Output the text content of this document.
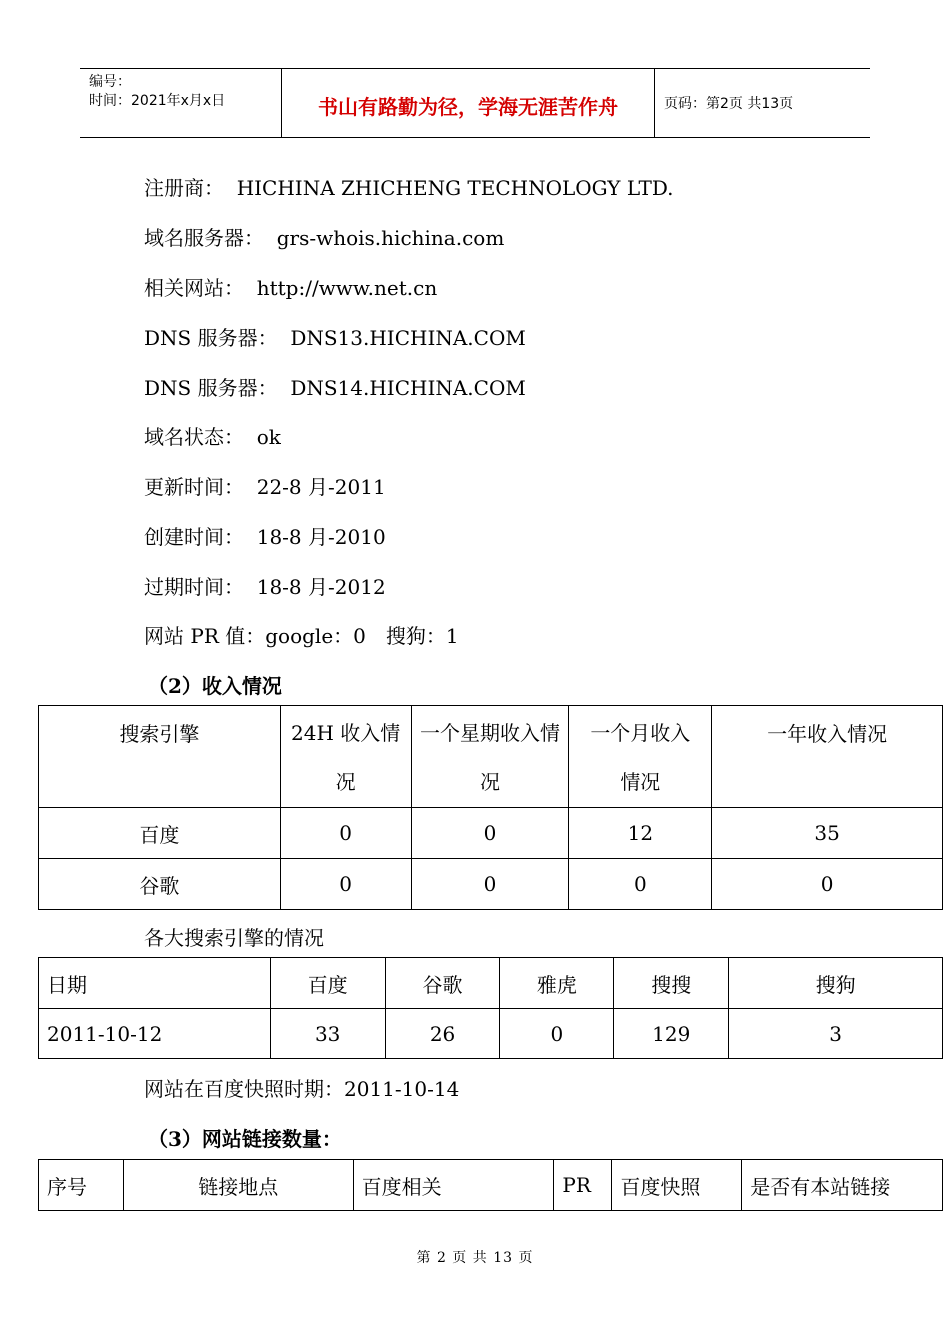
编号：
时间：2021年x月x日	书山有路勤为径，学海无涯苦作舟	页码：第2页 共13页
注册商： HICHINA ZHICHENG TECHNOLOGY LTD.
域名服务器： grs-whois.hichina.com
相关网站： http://www.net.cn
DNS 服务器： DNS13.HICHINA.COM
DNS 服务器： DNS14.HICHINA.COM
域名状态： ok
更新时间： 22-8 月-2011
创建时间： 18-8 月-2010
过期时间： 18-8 月-2012
网站 PR 值：google：0　搜狗：1
（2）收入情况
搜索引擎	24H 收入情况	一个星期收入情况	一个月收入情况	一年收入情况
百度	0	0	12	35
谷歌	0	0	0	0
各大搜索引擎的情况
日期	百度	谷歌	雅虎	搜搜	搜狗
2011-10-12	33	26	0	129	3
网站在百度快照时期：2011-10-14
（3）网站链接数量：
序号	链接地点	百度相关	PR	百度快照	是否有本站链接
第 2 页 共 13 页
